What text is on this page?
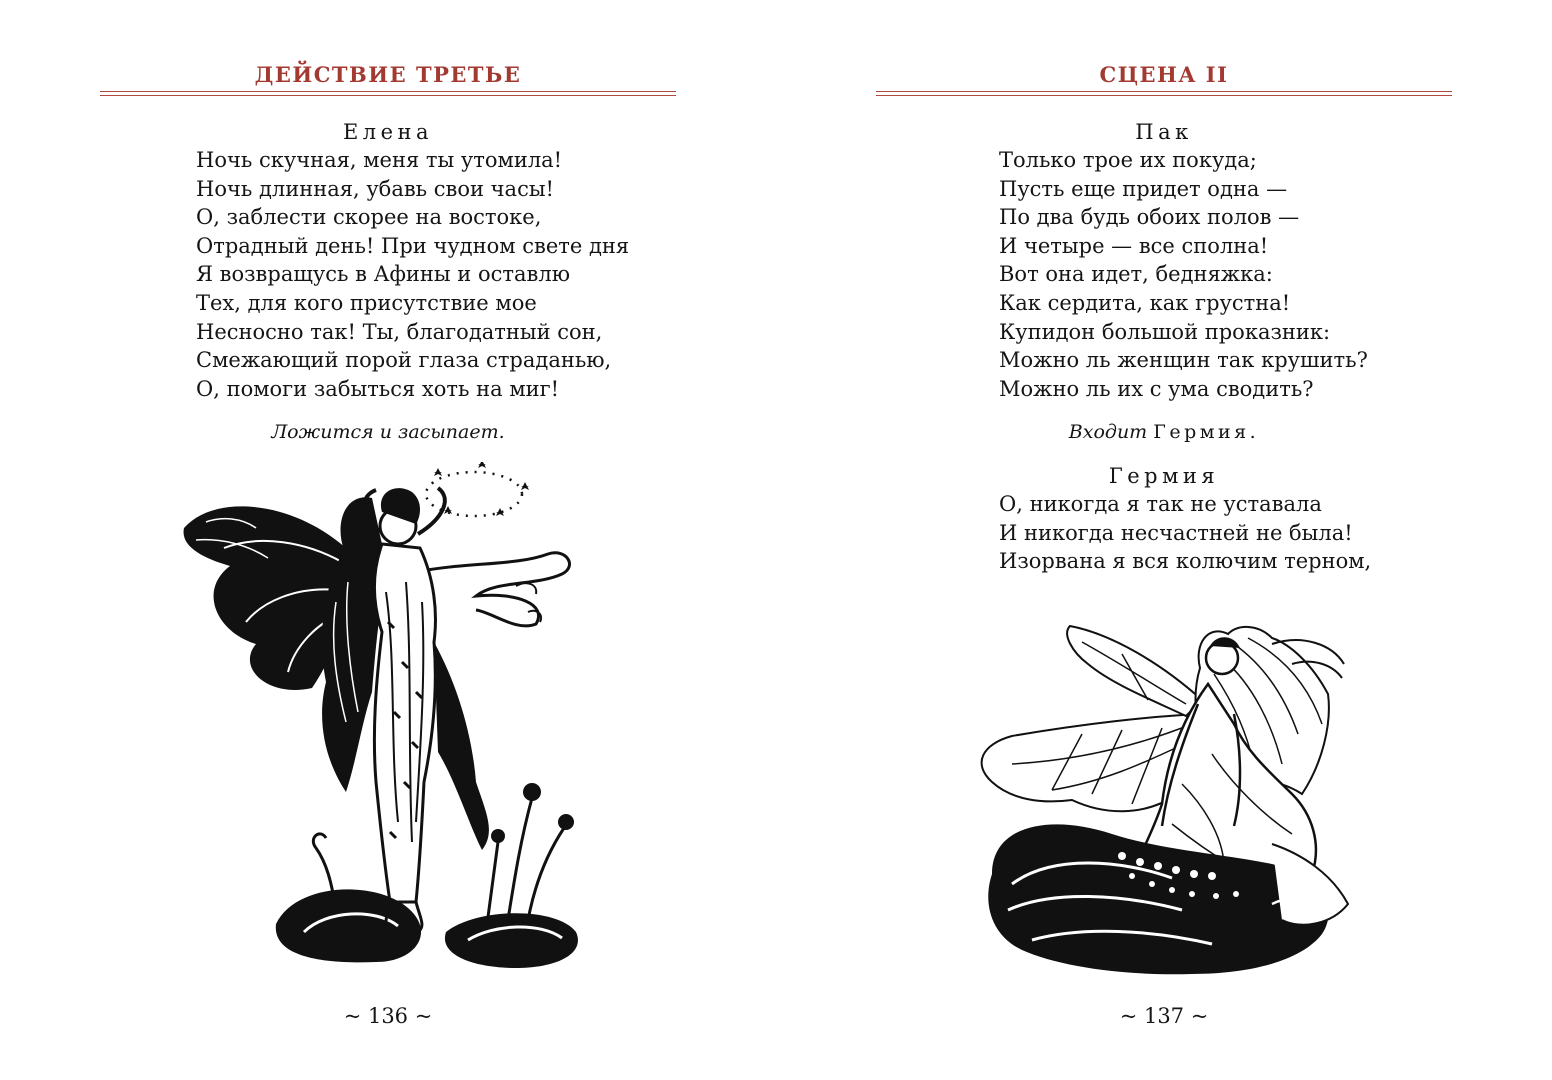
ДЕЙСТВИЕ ТРЕТЬЕ
Елена
Ночь скучная, меня ты утомила!
Ночь длинная, убавь свои часы!
О, заблести скорее на востоке,
Отрадный день! При чудном свете дня
Я возвращусь в Афины и оставлю
Тех, для кого присутствие мое
Несносно так! Ты, благодатный сон,
Смежающий порой глаза страданью,
О, помоги забыться хоть на миг!
Ложится и засыпает.
~ 136 ~
СЦЕНА II
Пак
Только трое их покуда;
Пусть еще придет одна —
По два будь обоих полов —
И четыре — все сполна!
Вот она идет, бедняжка:
Как сердита, как грустна!
Купидон большой проказник:
Можно ль женщин так крушить?
Можно ль их с ума сводить?
Входит Гермия.
Гермия
О, никогда я так не уставала
И никогда несчастней не была!
Изорвана я вся колючим терном,
~ 137 ~
